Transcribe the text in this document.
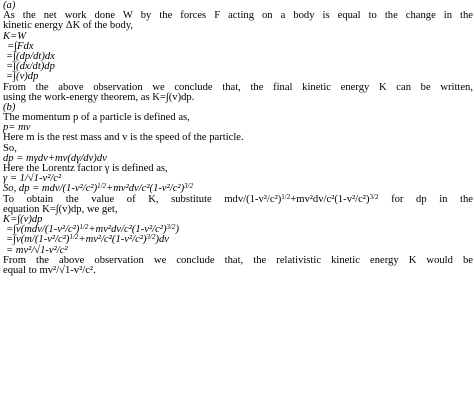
(a)
As the net work done W by the forces F acting on a body is equal to the change in the
kinetic energy ΔK of the body,
K=W
=∫Fdx
=∫(dp/dt)dx
=∫(dx/dt)dp
=∫(v)dp
From the above observation we conclude that, the final kinetic energy K can be written,
using the work-energy theorem, as K=∫(v)dp.
(b)
The momentum p of a particle is defined as,
p= mv
Here m is the rest mass and v is the speed of the particle.
So,
dp = mγdv+mv(dγ/dv)dv
Here the Lorentz factor γ is defined as,
γ = 1/√1-v²/c²
So, dp = mdv/$(1-v^2/c^2)^{1/2}+mv^2dv/c^2(1-v^2/c^2)^{3/2}$
To obtain the value of K, substitute mdv/$(1-v^2/c^2)^{1/2}+mv^2dv/c^2(1-v^2/c^2)^{3/2}$ for dp in the
equation K=∫(v)dp, we get,
K=∫(v)dp
$=\int v(mdv/(1-v^2/c^2)^{1/2}+mv^2dv/c^2(1-v^2/c^2)^{3/2})$
$=\int v(m/(1-v^2/c^2)^{1/2}+mv^2/c^2(1-v^2/c^2)^{3/2})dv$
= mv²/√1-v²/c²
From the above observation we conclude that, the relativistic kinetic energy K would be
equal to mv²/√1-v²/c².
